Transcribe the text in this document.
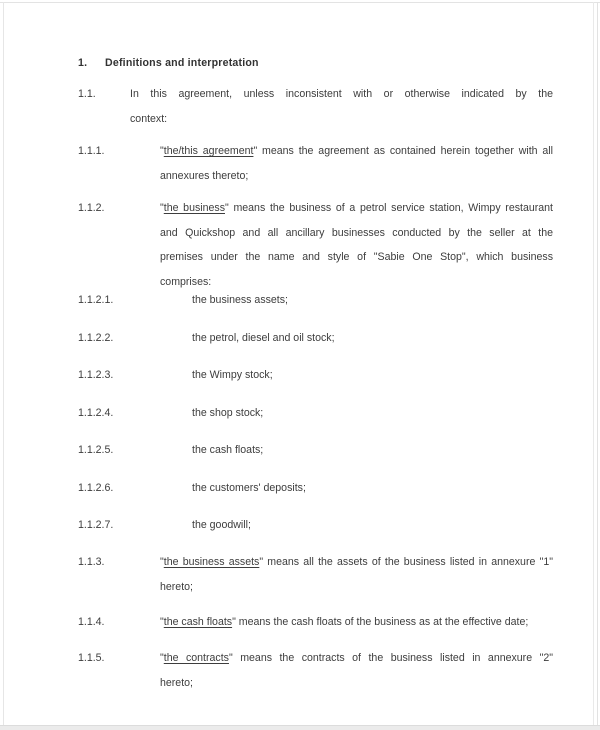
1. Definitions and interpretation
1.1.	In this agreement, unless inconsistent with or otherwise indicated by the
context:
1.1.1.	"the/this agreement" means the agreement as contained herein together with all
annexures thereto;
1.1.2.	"the business" means the business of a petrol service station, Wimpy restaurant
and Quickshop and all ancillary businesses conducted by the seller at the
premises under the name and style of "Sabie One Stop", which business
comprises:
1.1.2.1.	the business assets;
1.1.2.2.	the petrol, diesel and oil stock;
1.1.2.3.	the Wimpy stock;
1.1.2.4.	the shop stock;
1.1.2.5.	the cash floats;
1.1.2.6.	the customers' deposits;
1.1.2.7.	the goodwill;
1.1.3.	"the business assets" means all the assets of the business listed in annexure "1"
hereto;
1.1.4.	"the cash floats" means the cash floats of the business as at the effective date;
1.1.5.	"the contracts" means the contracts of the business listed in annexure "2"
hereto;
